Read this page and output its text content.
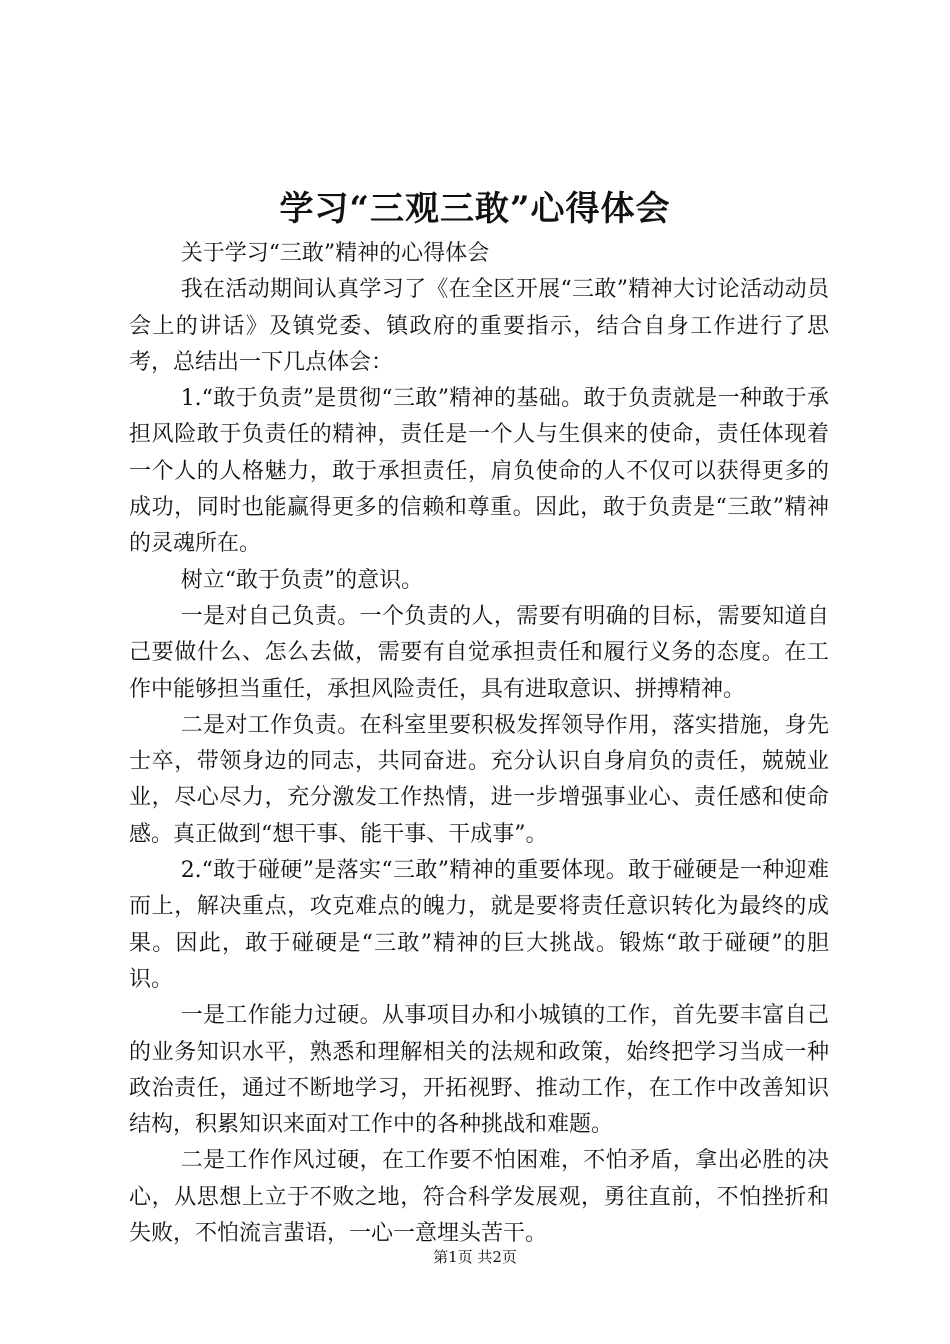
学习“三观三敢”心得体会

关于学习“三敢”精神的心得体会

我在活动期间认真学习了《在全区开展“三敢”精神大讨论活动动员会上的讲话》及镇党委、镇政府的重要指示，结合自身工作进行了思考，总结出一下几点体会：

1.“敢于负责”是贯彻“三敢”精神的基础。敢于负责就是一种敢于承担风险敢于负责任的精神，责任是一个人与生俱来的使命，责任体现着一个人的人格魅力，敢于承担责任，肩负使命的人不仅可以获得更多的成功，同时也能赢得更多的信赖和尊重。因此，敢于负责是“三敢”精神的灵魂所在。

树立“敢于负责”的意识。

一是对自己负责。一个负责的人，需要有明确的目标，需要知道自己要做什么、怎么去做，需要有自觉承担责任和履行义务的态度。在工作中能够担当重任，承担风险责任，具有进取意识、拼搏精神。

二是对工作负责。在科室里要积极发挥领导作用，落实措施，身先士卒，带领身边的同志，共同奋进。充分认识自身肩负的责任，兢兢业业，尽心尽力，充分激发工作热情，进一步增强事业心、责任感和使命感。真正做到“想干事、能干事、干成事”。

2.“敢于碰硬”是落实“三敢”精神的重要体现。敢于碰硬是一种迎难而上，解决重点，攻克难点的魄力，就是要将责任意识转化为最终的成果。因此，敢于碰硬是“三敢”精神的巨大挑战。锻炼“敢于碰硬”的胆识。

一是工作能力过硬。从事项目办和小城镇的工作，首先要丰富自己的业务知识水平，熟悉和理解相关的法规和政策，始终把学习当成一种政治责任，通过不断地学习，开拓视野、推动工作，在工作中改善知识结构，积累知识来面对工作中的各种挑战和难题。

二是工作作风过硬，在工作要不怕困难，不怕矛盾，拿出必胜的决心，从思想上立于不败之地，符合科学发展观，勇往直前，不怕挫折和失败，不怕流言蜚语，一心一意埋头苦干。

第1页 共2页
